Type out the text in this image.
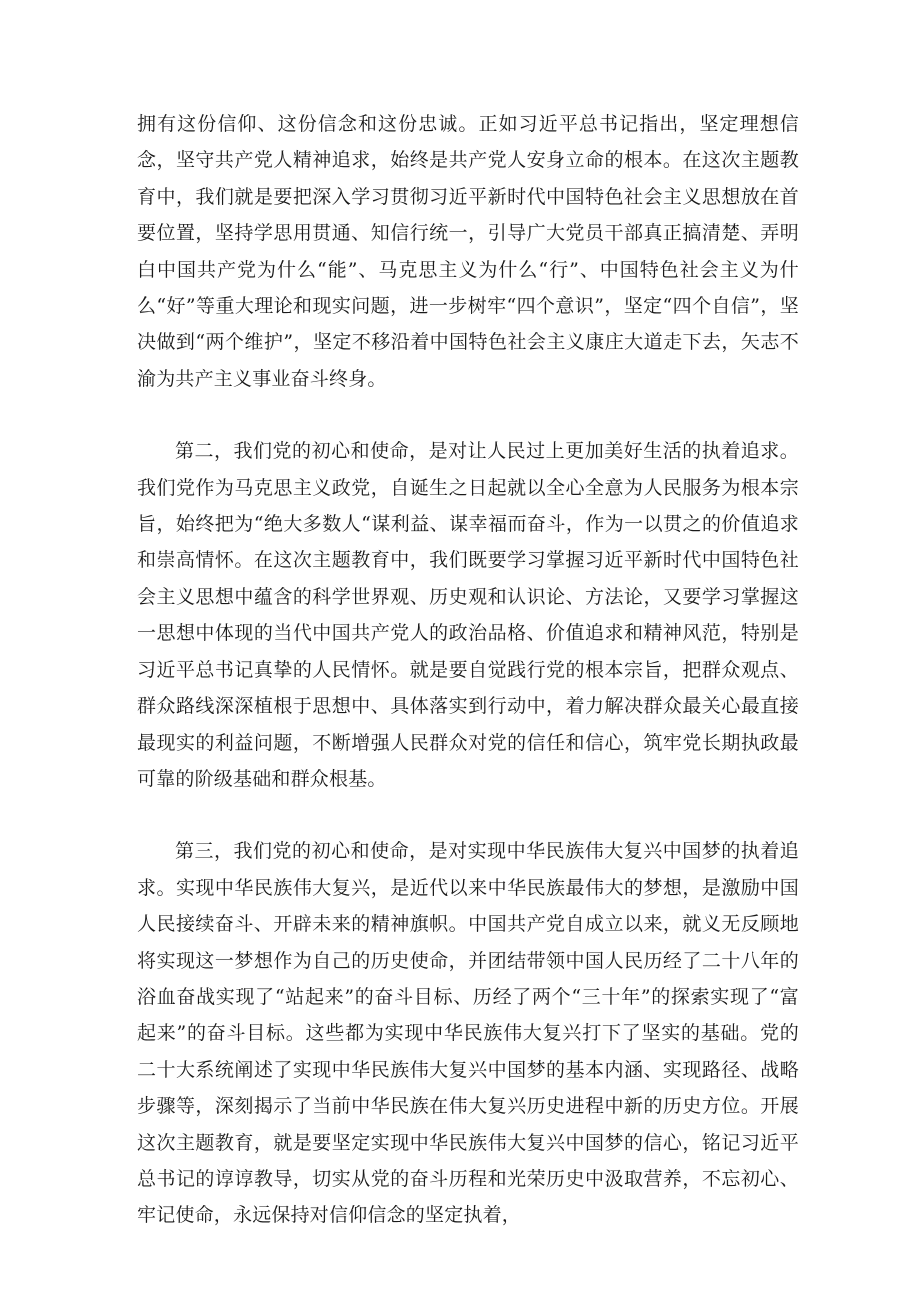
拥有这份信仰、这份信念和这份忠诚。正如习近平总书记指出，坚定理想信念，坚守共产党人精神追求，始终是共产党人安身立命的根本。在这次主题教育中，我们就是要把深入学习贯彻习近平新时代中国特色社会主义思想放在首要位置，坚持学思用贯通、知信行统一，引导广大党员干部真正搞清楚、弄明白中国共产党为什么“能”、马克思主义为什么“行”、中国特色社会主义为什么“好”等重大理论和现实问题，进一步树牢“四个意识”，坚定“四个自信”，坚决做到“两个维护”，坚定不移沿着中国特色社会主义康庄大道走下去，矢志不渝为共产主义事业奋斗终身。

第二，我们党的初心和使命，是对让人民过上更加美好生活的执着追求。我们党作为马克思主义政党，自诞生之日起就以全心全意为人民服务为根本宗旨，始终把为“绝大多数人“谋利益、谋幸福而奋斗，作为一以贯之的价值追求和崇高情怀。在这次主题教育中，我们既要学习掌握习近平新时代中国特色社会主义思想中蕴含的科学世界观、历史观和认识论、方法论，又要学习掌握这一思想中体现的当代中国共产党人的政治品格、价值追求和精神风范，特别是习近平总书记真挚的人民情怀。就是要自觉践行党的根本宗旨，把群众观点、群众路线深深植根于思想中、具体落实到行动中，着力解决群众最关心最直接最现实的利益问题，不断增强人民群众对党的信任和信心，筑牢党长期执政最可靠的阶级基础和群众根基。

第三，我们党的初心和使命，是对实现中华民族伟大复兴中国梦的执着追求。实现中华民族伟大复兴，是近代以来中华民族最伟大的梦想，是激励中国人民接续奋斗、开辟未来的精神旗帜。中国共产党自成立以来，就义无反顾地将实现这一梦想作为自己的历史使命，并团结带领中国人民历经了二十八年的浴血奋战实现了“站起来”的奋斗目标、历经了两个“三十年”的探索实现了“富起来”的奋斗目标。这些都为实现中华民族伟大复兴打下了坚实的基础。党的二十大系统阐述了实现中华民族伟大复兴中国梦的基本内涵、实现路径、战略步骤等，深刻揭示了当前中华民族在伟大复兴历史进程中新的历史方位。开展这次主题教育，就是要坚定实现中华民族伟大复兴中国梦的信心，铭记习近平总书记的谆谆教导，切实从党的奋斗历程和光荣历史中汲取营养，不忘初心、牢记使命，永远保持对信仰信念的坚定执着，
